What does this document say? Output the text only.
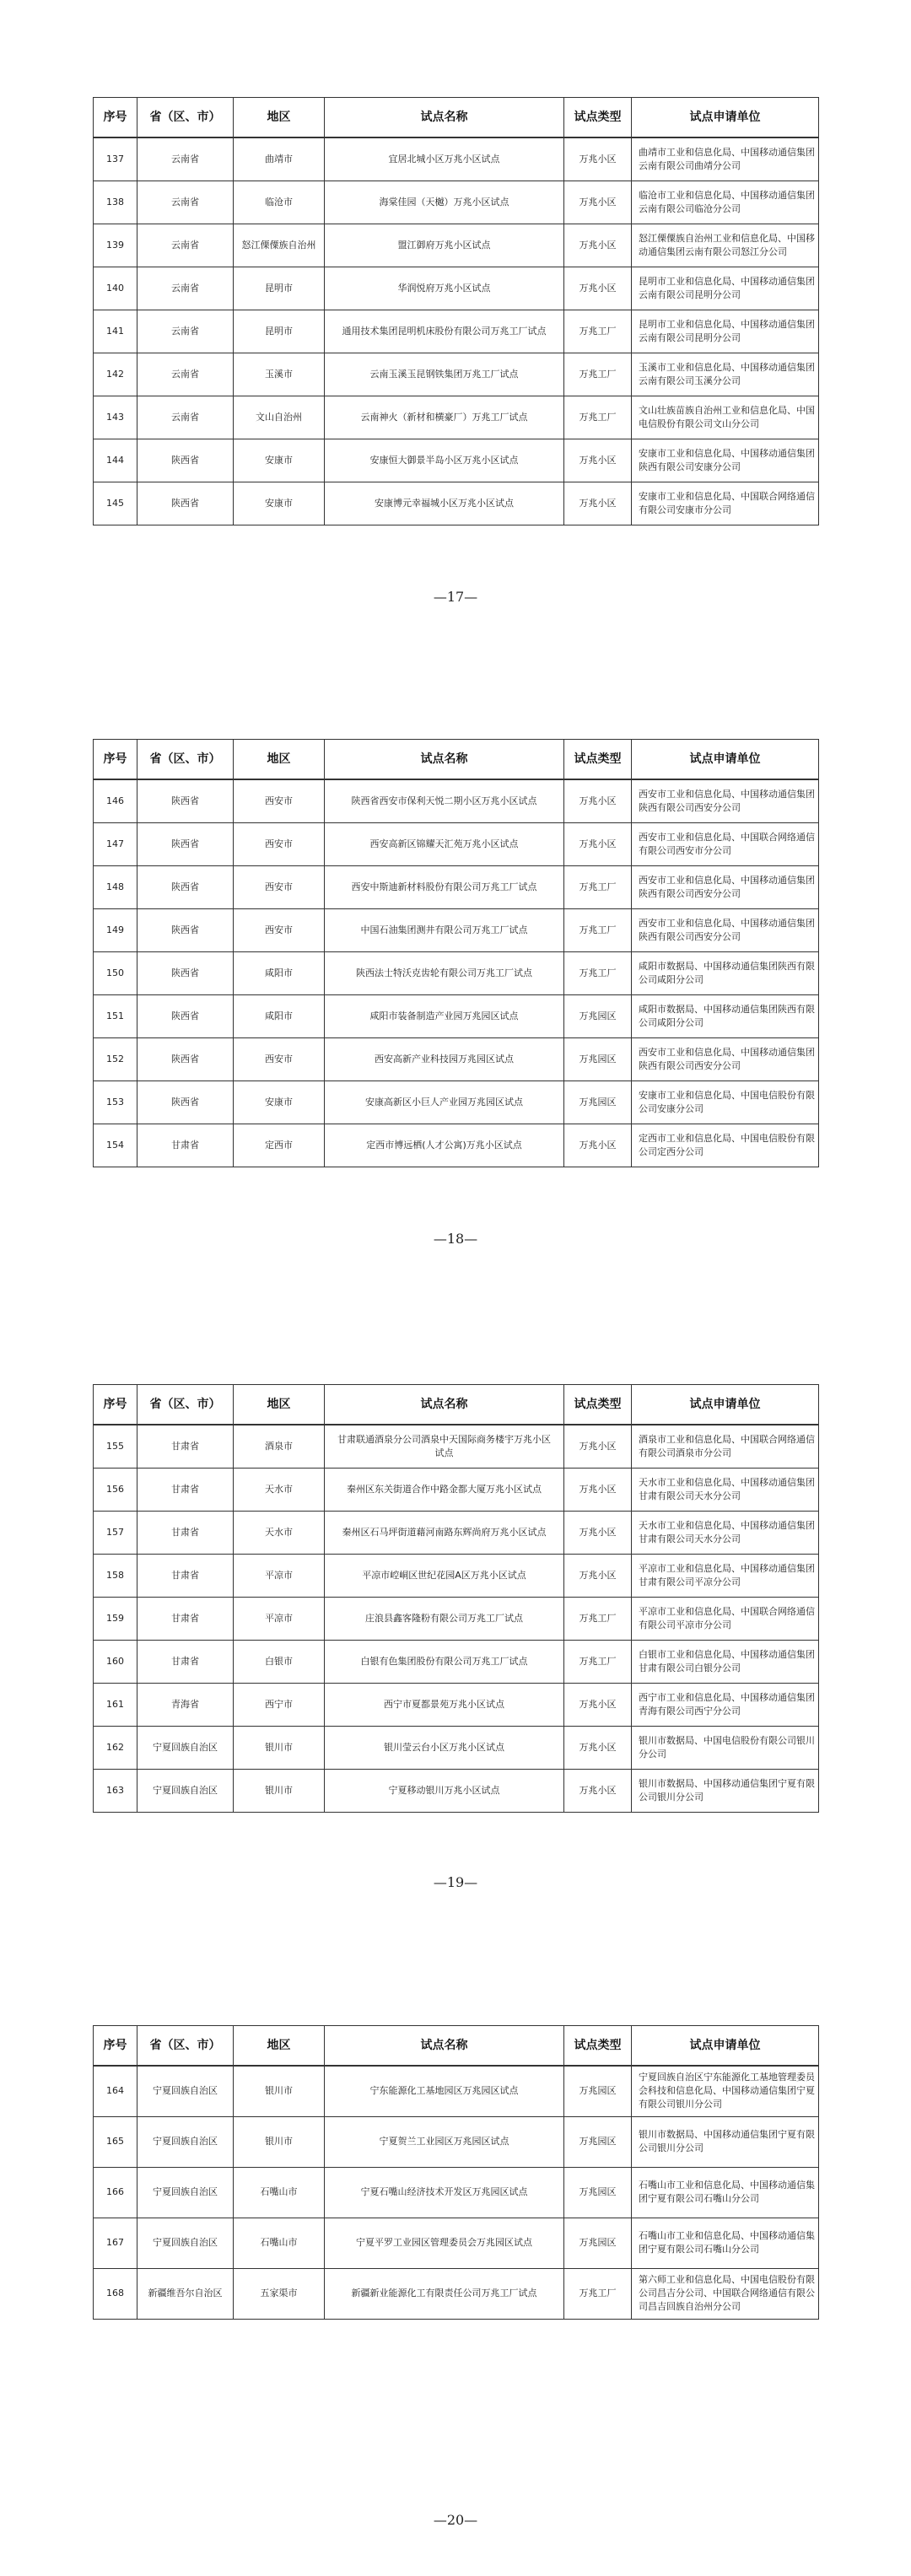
序号	省（区、市）	地区	试点名称	试点类型	试点申请单位
137	云南省	曲靖市	宜居北城小区万兆小区试点	万兆小区	曲靖市工业和信息化局、中国移动通信集团云南有限公司曲靖分公司
138	云南省	临沧市	海棠佳园（天樾）万兆小区试点	万兆小区	临沧市工业和信息化局、中国移动通信集团云南有限公司临沧分公司
139	云南省	怒江傈僳族自治州	盟江御府万兆小区试点	万兆小区	怒江傈僳族自治州工业和信息化局、中国移动通信集团云南有限公司怒江分公司
140	云南省	昆明市	华润悦府万兆小区试点	万兆小区	昆明市工业和信息化局、中国移动通信集团云南有限公司昆明分公司
141	云南省	昆明市	通用技术集团昆明机床股份有限公司万兆工厂试点	万兆工厂	昆明市工业和信息化局、中国移动通信集团云南有限公司昆明分公司
142	云南省	玉溪市	云南玉溪玉昆钢铁集团万兆工厂试点	万兆工厂	玉溪市工业和信息化局、中国移动通信集团云南有限公司玉溪分公司
143	云南省	文山自治州	云南神火（新材和横豪厂）万兆工厂试点	万兆工厂	文山壮族苗族自治州工业和信息化局、中国电信股份有限公司文山分公司
144	陕西省	安康市	安康恒大御景半岛小区万兆小区试点	万兆小区	安康市工业和信息化局、中国移动通信集团陕西有限公司安康分公司
145	陕西省	安康市	安康博元幸福城小区万兆小区试点	万兆小区	安康市工业和信息化局、中国联合网络通信有限公司安康市分公司
—17—
序号	省（区、市）	地区	试点名称	试点类型	试点申请单位
146	陕西省	西安市	陕西省西安市保利天悦二期小区万兆小区试点	万兆小区	西安市工业和信息化局、中国移动通信集团陕西有限公司西安分公司
147	陕西省	西安市	西安高新区锦耀天汇苑万兆小区试点	万兆小区	西安市工业和信息化局、中国联合网络通信有限公司西安市分公司
148	陕西省	西安市	西安中斯迪新材料股份有限公司万兆工厂试点	万兆工厂	西安市工业和信息化局、中国移动通信集团陕西有限公司西安分公司
149	陕西省	西安市	中国石油集团测井有限公司万兆工厂试点	万兆工厂	西安市工业和信息化局、中国移动通信集团陕西有限公司西安分公司
150	陕西省	咸阳市	陕西法士特沃克齿轮有限公司万兆工厂试点	万兆工厂	咸阳市数据局、中国移动通信集团陕西有限公司咸阳分公司
151	陕西省	咸阳市	咸阳市装备制造产业园万兆园区试点	万兆园区	咸阳市数据局、中国移动通信集团陕西有限公司咸阳分公司
152	陕西省	西安市	西安高新产业科技园万兆园区试点	万兆园区	西安市工业和信息化局、中国移动通信集团陕西有限公司西安分公司
153	陕西省	安康市	安康高新区小巨人产业园万兆园区试点	万兆园区	安康市工业和信息化局、中国电信股份有限公司安康分公司
154	甘肃省	定西市	定西市博远栖(人才公寓)万兆小区试点	万兆小区	定西市工业和信息化局、中国电信股份有限公司定西分公司
—18—
序号	省（区、市）	地区	试点名称	试点类型	试点申请单位
155	甘肃省	酒泉市	甘肃联通酒泉分公司酒泉中天国际商务楼宇万兆小区试点	万兆小区	酒泉市工业和信息化局、中国联合网络通信有限公司酒泉市分公司
156	甘肃省	天水市	秦州区东关街道合作中路金都大厦万兆小区试点	万兆小区	天水市工业和信息化局、中国移动通信集团甘肃有限公司天水分公司
157	甘肃省	天水市	秦州区石马坪街道藉河南路东辉尚府万兆小区试点	万兆小区	天水市工业和信息化局、中国移动通信集团甘肃有限公司天水分公司
158	甘肃省	平凉市	平凉市崆峒区世纪花园A区万兆小区试点	万兆小区	平凉市工业和信息化局、中国移动通信集团甘肃有限公司平凉分公司
159	甘肃省	平凉市	庄浪县鑫客隆粉有限公司万兆工厂试点	万兆工厂	平凉市工业和信息化局、中国联合网络通信有限公司平凉市分公司
160	甘肃省	白银市	白银有色集团股份有限公司万兆工厂试点	万兆工厂	白银市工业和信息化局、中国移动通信集团甘肃有限公司白银分公司
161	青海省	西宁市	西宁市夏都景苑万兆小区试点	万兆小区	西宁市工业和信息化局、中国移动通信集团青海有限公司西宁分公司
162	宁夏回族自治区	银川市	银川莹云台小区万兆小区试点	万兆小区	银川市数据局、中国电信股份有限公司银川分公司
163	宁夏回族自治区	银川市	宁夏移动银川万兆小区试点	万兆小区	银川市数据局、中国移动通信集团宁夏有限公司银川分公司
—19—
序号	省（区、市）	地区	试点名称	试点类型	试点申请单位
164	宁夏回族自治区	银川市	宁东能源化工基地园区万兆园区试点	万兆园区	宁夏回族自治区宁东能源化工基地管理委员会科技和信息化局、中国移动通信集团宁夏有限公司银川分公司
165	宁夏回族自治区	银川市	宁夏贺兰工业园区万兆园区试点	万兆园区	银川市数据局、中国移动通信集团宁夏有限公司银川分公司
166	宁夏回族自治区	石嘴山市	宁夏石嘴山经济技术开发区万兆园区试点	万兆园区	石嘴山市工业和信息化局、中国移动通信集团宁夏有限公司石嘴山分公司
167	宁夏回族自治区	石嘴山市	宁夏平罗工业园区管理委员会万兆园区试点	万兆园区	石嘴山市工业和信息化局、中国移动通信集团宁夏有限公司石嘴山分公司
168	新疆维吾尔自治区	五家渠市	新疆新业能源化工有限责任公司万兆工厂试点	万兆工厂	第六师工业和信息化局、中国电信股份有限公司昌吉分公司、中国联合网络通信有限公司昌吉回族自治州分公司
—20—
